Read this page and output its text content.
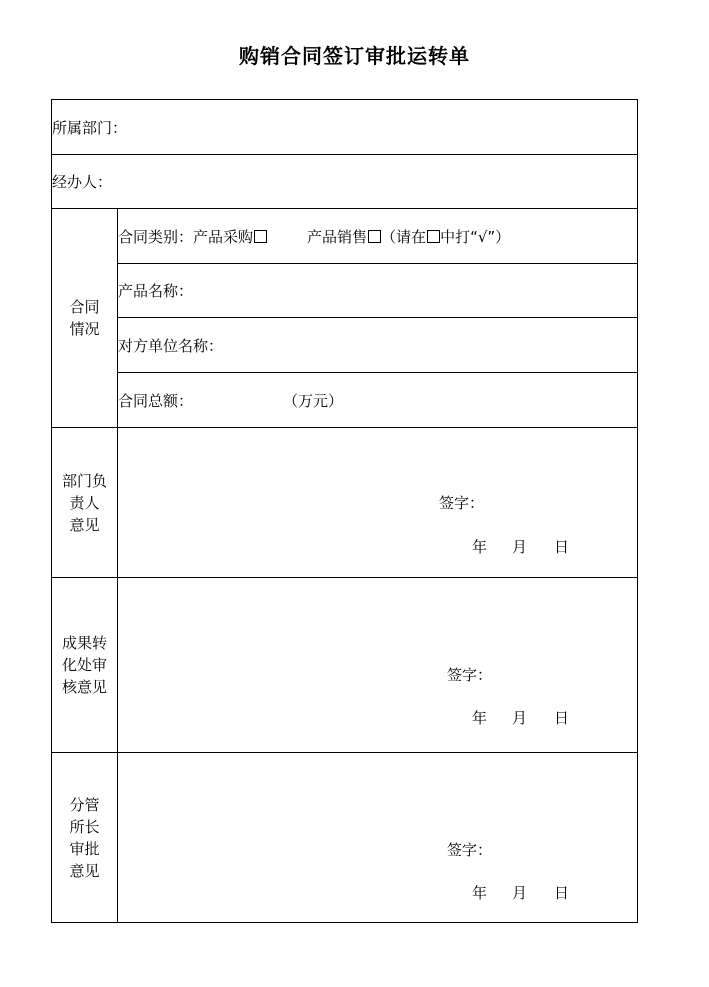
购销合同签订审批运转单
所属部门：	
经办人：	

合同
情况	合同类别：产品采购 产品销售 （请在 中打“√”）
	产品名称：
	对方单位名称：
	合同总额： （万元）

部门负
责人
意见	签字：
年 月 日

成果转
化处审
核意见	签字：
年 月 日

分管
所长
审批
意见	签字：
年 月 日
